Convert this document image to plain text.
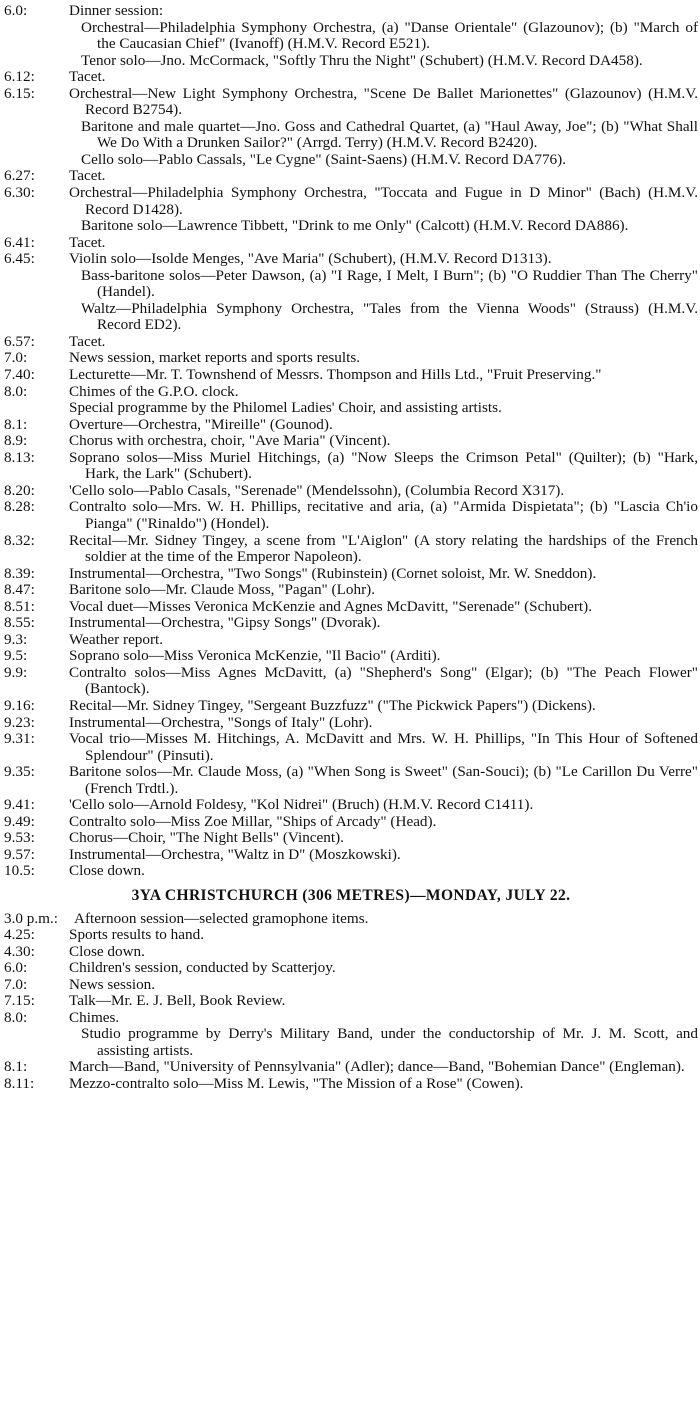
6.0:	Dinner session:
Orchestral—Philadelphia Symphony Orchestra, (a) "Danse Orientale" (Glazounov); (b) "March of the Caucasian Chief" (Ivanoff) (H.M.V. Record E521).
Tenor solo—Jno. McCormack, "Softly Thru the Night" (Schubert) (H.M.V. Record DA458).
6.12:	Tacet.
6.15:	Orchestral—New Light Symphony Orchestra, "Scene De Ballet Marionettes" (Glazounov) (H.M.V. Record B2754).
Baritone and male quartet—Jno. Goss and Cathedral Quartet, (a) "Haul Away, Joe"; (b) "What Shall We Do With a Drunken Sailor?" (Arrgd. Terry) (H.M.V. Record B2420).
Cello solo—Pablo Cassals, "Le Cygne" (Saint-Saens) (H.M.V. Record DA776).
6.27:	Tacet.
6.30:	Orchestral—Philadelphia Symphony Orchestra, "Toccata and Fugue in D Minor" (Bach) (H.M.V. Record D1428).
Baritone solo—Lawrence Tibbett, "Drink to me Only" (Calcott) (H.M.V. Record DA886).
6.41:	Tacet.
6.45:	Violin solo—Isolde Menges, "Ave Maria" (Schubert), (H.M.V. Record D1313).
Bass-baritone solos—Peter Dawson, (a) "I Rage, I Melt, I Burn"; (b) "O Ruddier Than The Cherry" (Handel).
Waltz—Philadelphia Symphony Orchestra, "Tales from the Vienna Woods" (Strauss) (H.M.V. Record ED2).
6.57:	Tacet.
7.0:	News session, market reports and sports results.
7.40:	Lecturette—Mr. T. Townshend of Messrs. Thompson and Hills Ltd., "Fruit Preserving."
8.0:	Chimes of the G.P.O. clock.
Special programme by the Philomel Ladies' Choir, and assisting artists.
8.1:	Overture—Orchestra, "Mireille" (Gounod).
8.9:	Chorus with orchestra, choir, "Ave Maria" (Vincent).
8.13:	Soprano solos—Miss Muriel Hitchings, (a) "Now Sleeps the Crimson Petal" (Quilter); (b) "Hark, Hark, the Lark" (Schubert).
8.20:	'Cello solo—Pablo Casals, "Serenade" (Mendelssohn), (Columbia Record X317).
8.28:	Contralto solo—Mrs. W. H. Phillips, recitative and aria, (a) "Armida Dispietata"; (b) "Lascia Ch'io Pianga" ("Rinaldo") (Hondel).
8.32:	Recital—Mr. Sidney Tingey, a scene from "L'Aiglon" (A story relating the hardships of the French soldier at the time of the Emperor Napoleon).
8.39:	Instrumental—Orchestra, "Two Songs" (Rubinstein) (Cornet soloist, Mr. W. Sneddon).
8.47:	Baritone solo—Mr. Claude Moss, "Pagan" (Lohr).
8.51:	Vocal duet—Misses Veronica McKenzie and Agnes McDavitt, "Serenade" (Schubert).
8.55:	Instrumental—Orchestra, "Gipsy Songs" (Dvorak).
9.3:	Weather report.
9.5:	Soprano solo—Miss Veronica McKenzie, "Il Bacio" (Arditi).
9.9:	Contralto solos—Miss Agnes McDavitt, (a) "Shepherd's Song" (Elgar); (b) "The Peach Flower" (Bantock).
9.16:	Recital—Mr. Sidney Tingey, "Sergeant Buzzfuzz" ("The Pickwick Papers") (Dickens).
9.23:	Instrumental—Orchestra, "Songs of Italy" (Lohr).
9.31:	Vocal trio—Misses M. Hitchings, A. McDavitt and Mrs. W. H. Phillips, "In This Hour of Softened Splendour" (Pinsuti).
9.35:	Baritone solos—Mr. Claude Moss, (a) "When Song is Sweet" (San-Souci); (b) "Le Carillon Du Verre" (French Trdtl.).
9.41:	'Cello solo—Arnold Foldesy, "Kol Nidrei" (Bruch) (H.M.V. Record C1411).
9.49:	Contralto solo—Miss Zoe Millar, "Ships of Arcady" (Head).
9.53:	Chorus—Choir, "The Night Bells" (Vincent).
9.57:	Instrumental—Orchestra, "Waltz in D" (Moszkowski).
10.5:	Close down.
3YA CHRISTCHURCH (306 METRES)—MONDAY, JULY 22.
3.0 p.m.:	Afternoon session—selected gramophone items.
4.25:	Sports results to hand.
4.30:	Close down.
6.0:	Children's session, conducted by Scatterjoy.
7.0:	News session.
7.15:	Talk—Mr. E. J. Bell, Book Review.
8.0:	Chimes.
Studio programme by Derry's Military Band, under the conductorship of Mr. J. M. Scott, and assisting artists.
8.1:	March—Band, "University of Pennsylvania" (Adler); dance—Band, "Bohemian Dance" (Engleman).
8.11:	Mezzo-contralto solo—Miss M. Lewis, "The Mission of a Rose" (Cowen).
